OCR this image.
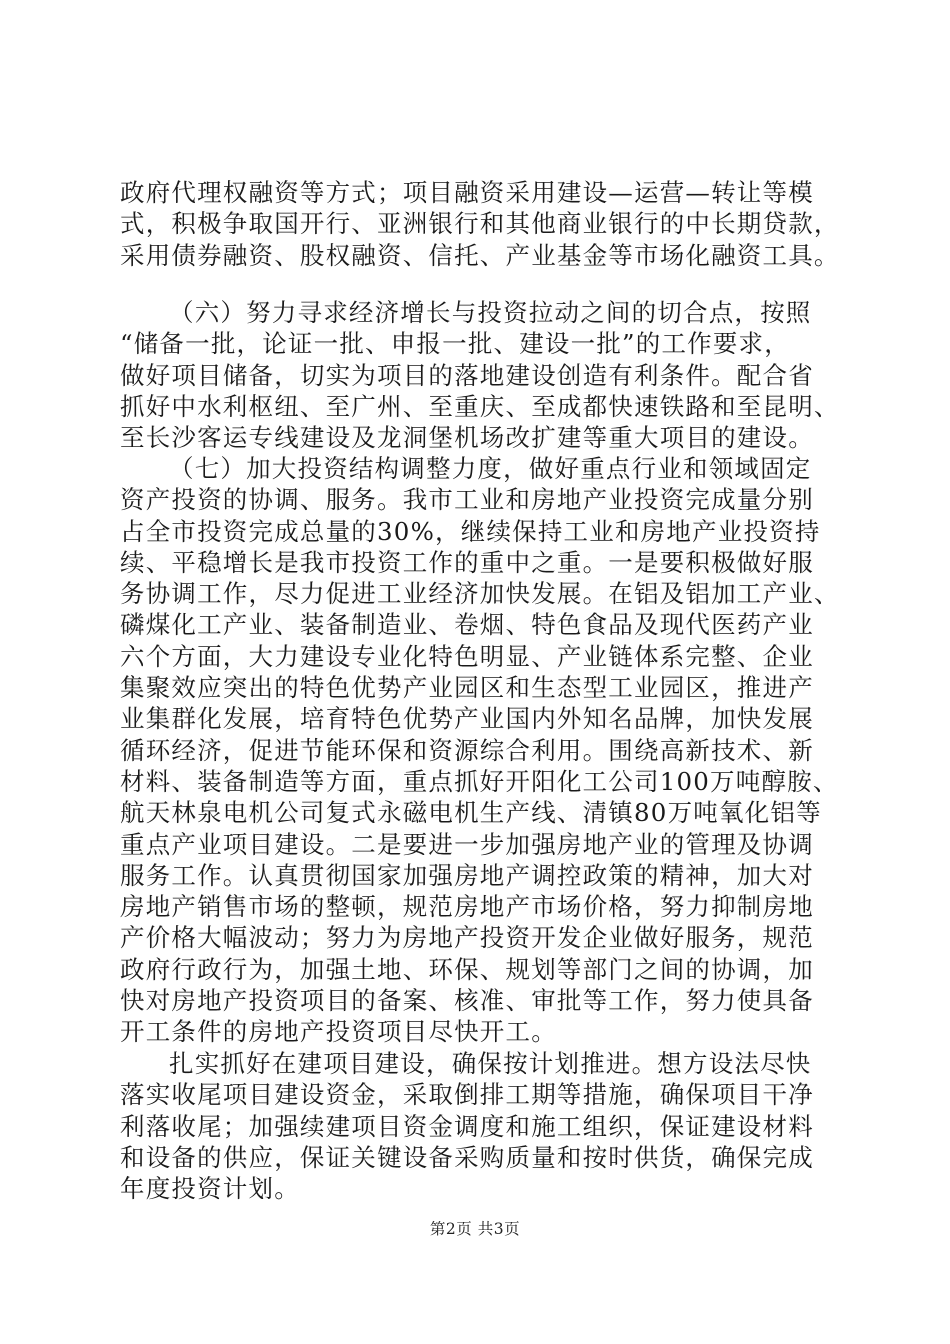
政府代理权融资等方式；项目融资采用建设—运营—转让等模
式，积极争取国开行、亚洲银行和其他商业银行的中长期贷款，
采用债券融资、股权融资、信托、产业基金等市场化融资工具。
（六）努力寻求经济增长与投资拉动之间的切合点，按照
“储备一批，论证一批、申报一批、建设一批”的工作要求，
做好项目储备，切实为项目的落地建设创造有利条件。配合省
抓好中水利枢纽、至广州、至重庆、至成都快速铁路和至昆明、
至长沙客运专线建设及龙洞堡机场改扩建等重大项目的建设。
（七）加大投资结构调整力度，做好重点行业和领域固定
资产投资的协调、服务。我市工业和房地产业投资完成量分别
占全市投资完成总量的30%，继续保持工业和房地产业投资持
续、平稳增长是我市投资工作的重中之重。一是要积极做好服
务协调工作，尽力促进工业经济加快发展。在铝及铝加工产业、
磷煤化工产业、装备制造业、卷烟、特色食品及现代医药产业
六个方面，大力建设专业化特色明显、产业链体系完整、企业
集聚效应突出的特色优势产业园区和生态型工业园区，推进产
业集群化发展，培育特色优势产业国内外知名品牌，加快发展
循环经济，促进节能环保和资源综合利用。围绕高新技术、新
材料、装备制造等方面，重点抓好开阳化工公司100万吨醇胺、
航天林泉电机公司复式永磁电机生产线、清镇80万吨氧化铝等
重点产业项目建设。二是要进一步加强房地产业的管理及协调
服务工作。认真贯彻国家加强房地产调控政策的精神，加大对
房地产销售市场的整顿，规范房地产市场价格，努力抑制房地
产价格大幅波动；努力为房地产投资开发企业做好服务，规范
政府行政行为，加强土地、环保、规划等部门之间的协调，加
快对房地产投资项目的备案、核准、审批等工作，努力使具备
开工条件的房地产投资项目尽快开工。
扎实抓好在建项目建设，确保按计划推进。想方设法尽快
落实收尾项目建设资金，采取倒排工期等措施，确保项目干净
利落收尾；加强续建项目资金调度和施工组织，保证建设材料
和设备的供应，保证关键设备采购质量和按时供货，确保完成
年度投资计划。
第2页 共3页
